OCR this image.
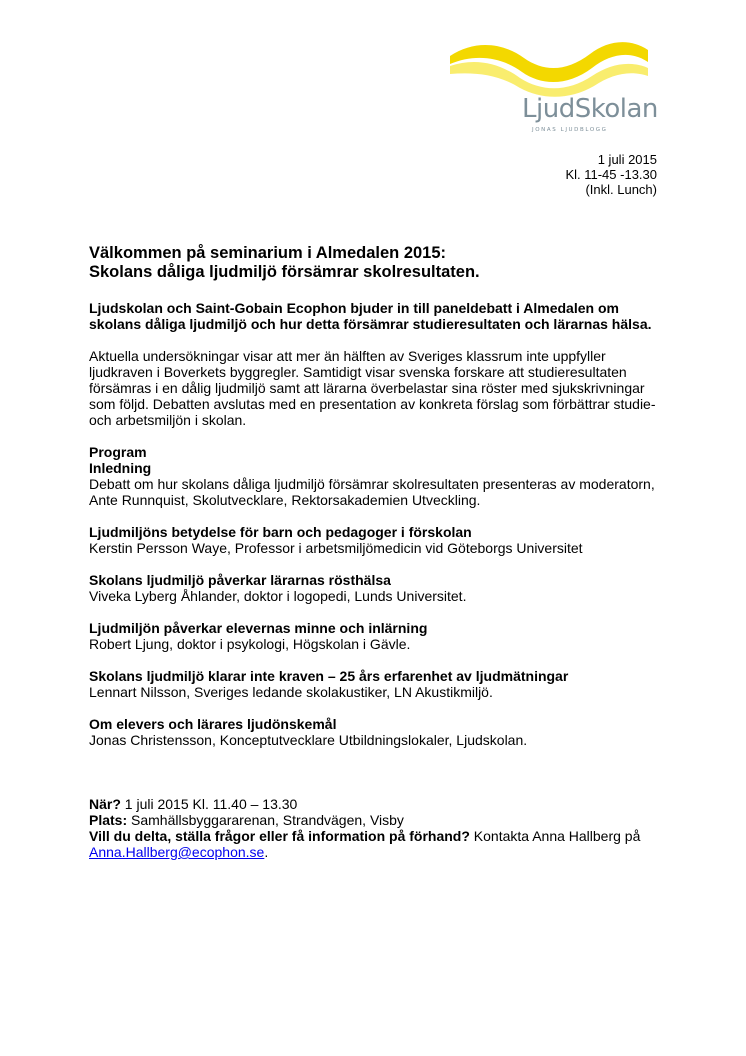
LjudSkolan
JONAS LJUDBLOGG
1 juli 2015
Kl. 11-45 -13.30
(Inkl. Lunch)
Välkommen på seminarium i Almedalen 2015:
Skolans dåliga ljudmiljö försämrar skolresultaten.
Ljudskolan och Saint-Gobain Ecophon bjuder in till paneldebatt i Almedalen om skolans dåliga ljudmiljö och hur detta försämrar studieresultaten och lärarnas hälsa.
Aktuella undersökningar visar att mer än hälften av Sveriges klassrum inte uppfyller ljudkraven i Boverkets byggregler. Samtidigt visar svenska forskare att studieresultaten försämras i en dålig ljudmiljö samt att lärarna överbelastar sina röster med sjukskrivningar som följd. Debatten avslutas med en presentation av konkreta förslag som förbättrar studie- och arbetsmiljön i skolan.
Program
Inledning
Debatt om hur skolans dåliga ljudmiljö försämrar skolresultaten presenteras av moderatorn, Ante Runnquist, Skolutvecklare, Rektorsakademien Utveckling.
Ljudmiljöns betydelse för barn och pedagoger i förskolan
Kerstin Persson Waye, Professor i arbetsmiljömedicin vid Göteborgs Universitet
Skolans ljudmiljö påverkar lärarnas rösthälsa
Viveka Lyberg Åhlander, doktor i logopedi, Lunds Universitet.
Ljudmiljön påverkar elevernas minne och inlärning
Robert Ljung, doktor i psykologi, Högskolan i Gävle.
Skolans ljudmiljö klarar inte kraven – 25 års erfarenhet av ljudmätningar
Lennart Nilsson, Sveriges ledande skolakustiker, LN Akustikmiljö.
Om elevers och lärares ljudönskemål
Jonas Christensson, Konceptutvecklare Utbildningslokaler, Ljudskolan.
När? 1 juli 2015 Kl. 11.40 – 13.30
Plats: Samhällsbyggararenan, Strandvägen, Visby
Vill du delta, ställa frågor eller få information på förhand? Kontakta Anna Hallberg på Anna.Hallberg@ecophon.se.
